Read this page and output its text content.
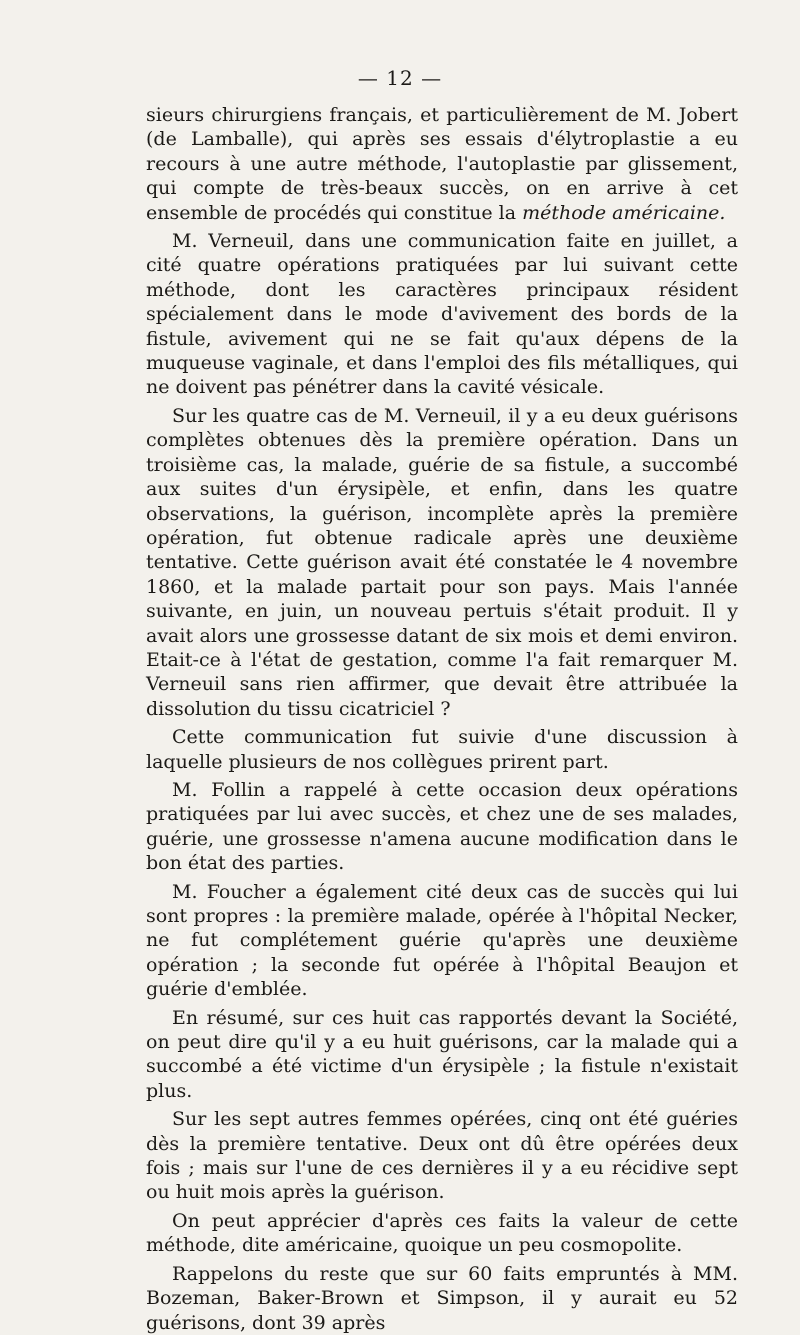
— 12 —

sieurs chirurgiens français, et particulièrement de M. Jobert (de Lamballe), qui après ses essais d'élytroplastie a eu recours à une autre méthode, l'autoplastie par glissement, qui compte de très-beaux succès, on en arrive à cet ensemble de procédés qui constitue la méthode américaine.

M. Verneuil, dans une communication faite en juillet, a cité quatre opérations pratiquées par lui suivant cette méthode, dont les caractères principaux résident spécialement dans le mode d'avivement des bords de la fistule, avivement qui ne se fait qu'aux dépens de la muqueuse vaginale, et dans l'emploi des fils métalliques, qui ne doivent pas pénétrer dans la cavité vésicale.

Sur les quatre cas de M. Verneuil, il y a eu deux guérisons complètes obtenues dès la première opération. Dans un troisième cas, la malade, guérie de sa fistule, a succombé aux suites d'un érysipèle, et enfin, dans les quatre observations, la guérison, incomplète après la première opération, fut obtenue radicale après une deuxième tentative. Cette guérison avait été constatée le 4 novembre 1860, et la malade partait pour son pays. Mais l'année suivante, en juin, un nouveau pertuis s'était produit. Il y avait alors une grossesse datant de six mois et demi environ. Etait-ce à l'état de gestation, comme l'a fait remarquer M. Verneuil sans rien affirmer, que devait être attribuée la dissolution du tissu cicatriciel ?

Cette communication fut suivie d'une discussion à laquelle plusieurs de nos collègues prirent part.

M. Follin a rappelé à cette occasion deux opérations pratiquées par lui avec succès, et chez une de ses malades, guérie, une grossesse n'amena aucune modification dans le bon état des parties.

M. Foucher a également cité deux cas de succès qui lui sont propres : la première malade, opérée à l'hôpital Necker, ne fut complétement guérie qu'après une deuxième opération ; la seconde fut opérée à l'hôpital Beaujon et guérie d'emblée.

En résumé, sur ces huit cas rapportés devant la Société, on peut dire qu'il y a eu huit guérisons, car la malade qui a succombé a été victime d'un érysipèle ; la fistule n'existait plus.

Sur les sept autres femmes opérées, cinq ont été guéries dès la première tentative. Deux ont dû être opérées deux fois ; mais sur l'une de ces dernières il y a eu récidive sept ou huit mois après la guérison.

On peut apprécier d'après ces faits la valeur de cette méthode, dite américaine, quoique un peu cosmopolite.

Rappelons du reste que sur 60 faits empruntés à MM. Bozeman, Baker-Brown et Simpson, il y aurait eu 52 guérisons, dont 39 après
